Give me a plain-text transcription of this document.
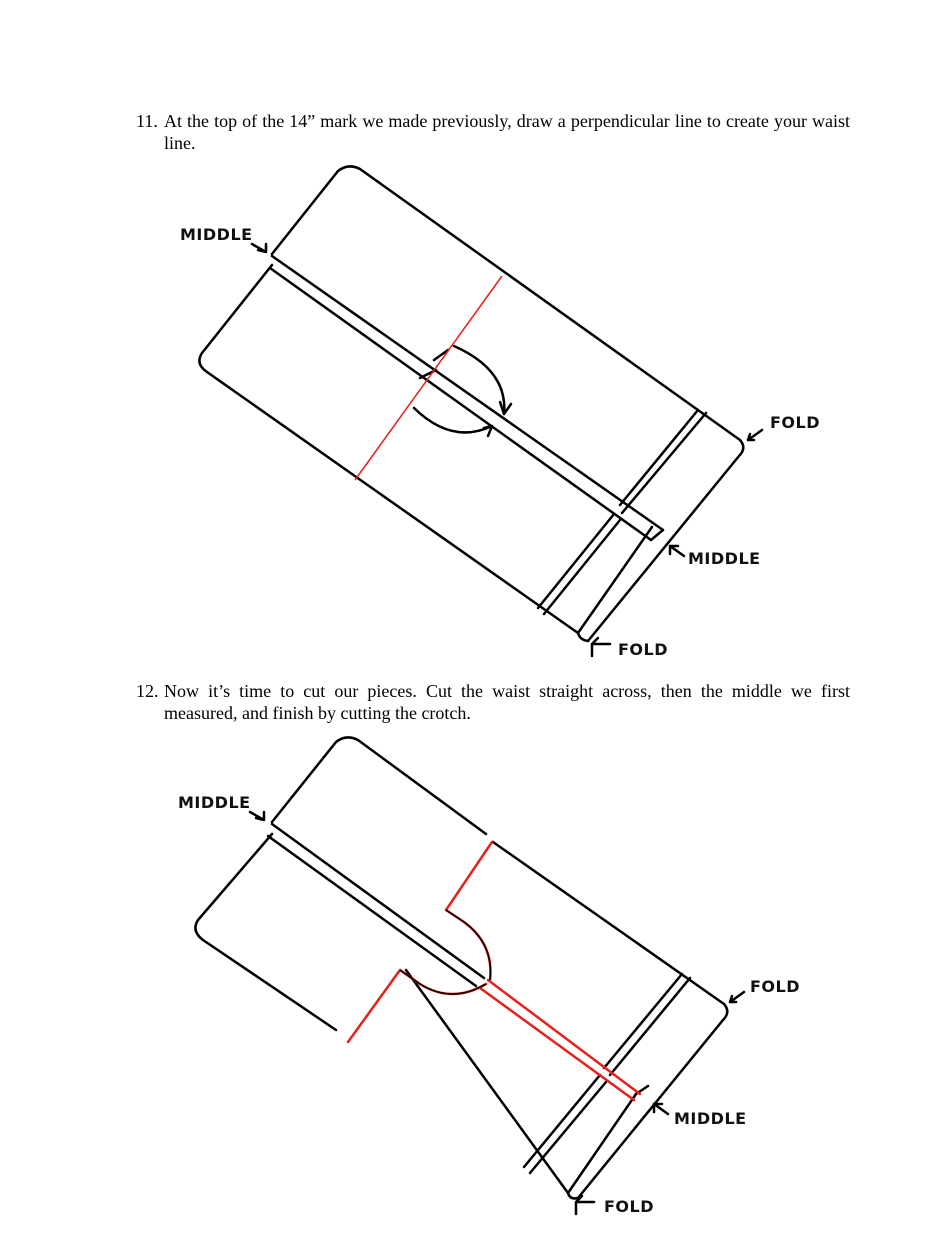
11. At the top of the 14” mark we made previously, draw a perpendicular line to create your waist line.
12. Now it’s time to cut our pieces. Cut the waist straight across, then the middle we first measured, and finish by cutting the crotch.
MIDDLE
FOLD
MIDDLE
FOLD
MIDDLE
FOLD
MIDDLE
FOLD
